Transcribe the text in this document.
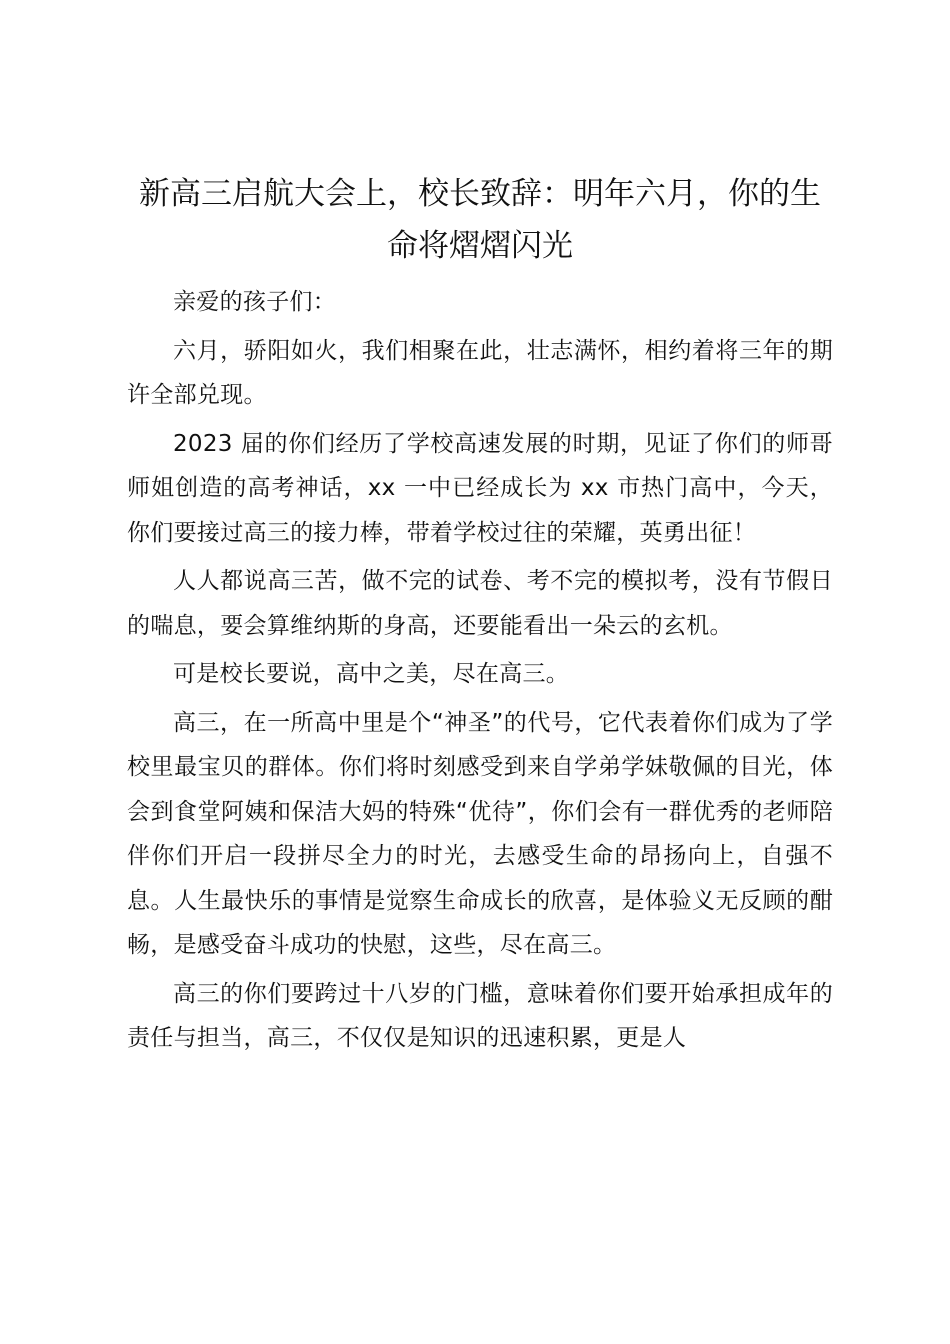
新高三启航大会上，校长致辞：明年六月，你的生命将熠熠闪光

亲爱的孩子们：

六月，骄阳如火，我们相聚在此，壮志满怀，相约着将三年的期许全部兑现。

2023 届的你们经历了学校高速发展的时期，见证了你们的师哥师姐创造的高考神话，xx 一中已经成长为 xx 市热门高中，今天，你们要接过高三的接力棒，带着学校过往的荣耀，英勇出征！

人人都说高三苦，做不完的试卷、考不完的模拟考，没有节假日的喘息，要会算维纳斯的身高，还要能看出一朵云的玄机。

可是校长要说，高中之美，尽在高三。

高三，在一所高中里是个“神圣”的代号，它代表着你们成为了学校里最宝贝的群体。你们将时刻感受到来自学弟学妹敬佩的目光，体会到食堂阿姨和保洁大妈的特殊“优待”，你们会有一群优秀的老师陪伴你们开启一段拼尽全力的时光，去感受生命的昂扬向上，自强不息。人生最快乐的事情是觉察生命成长的欣喜，是体验义无反顾的酣畅，是感受奋斗成功的快慰，这些，尽在高三。

高三的你们要跨过十八岁的门槛，意味着你们要开始承担成年的责任与担当，高三，不仅仅是知识的迅速积累，更是人
